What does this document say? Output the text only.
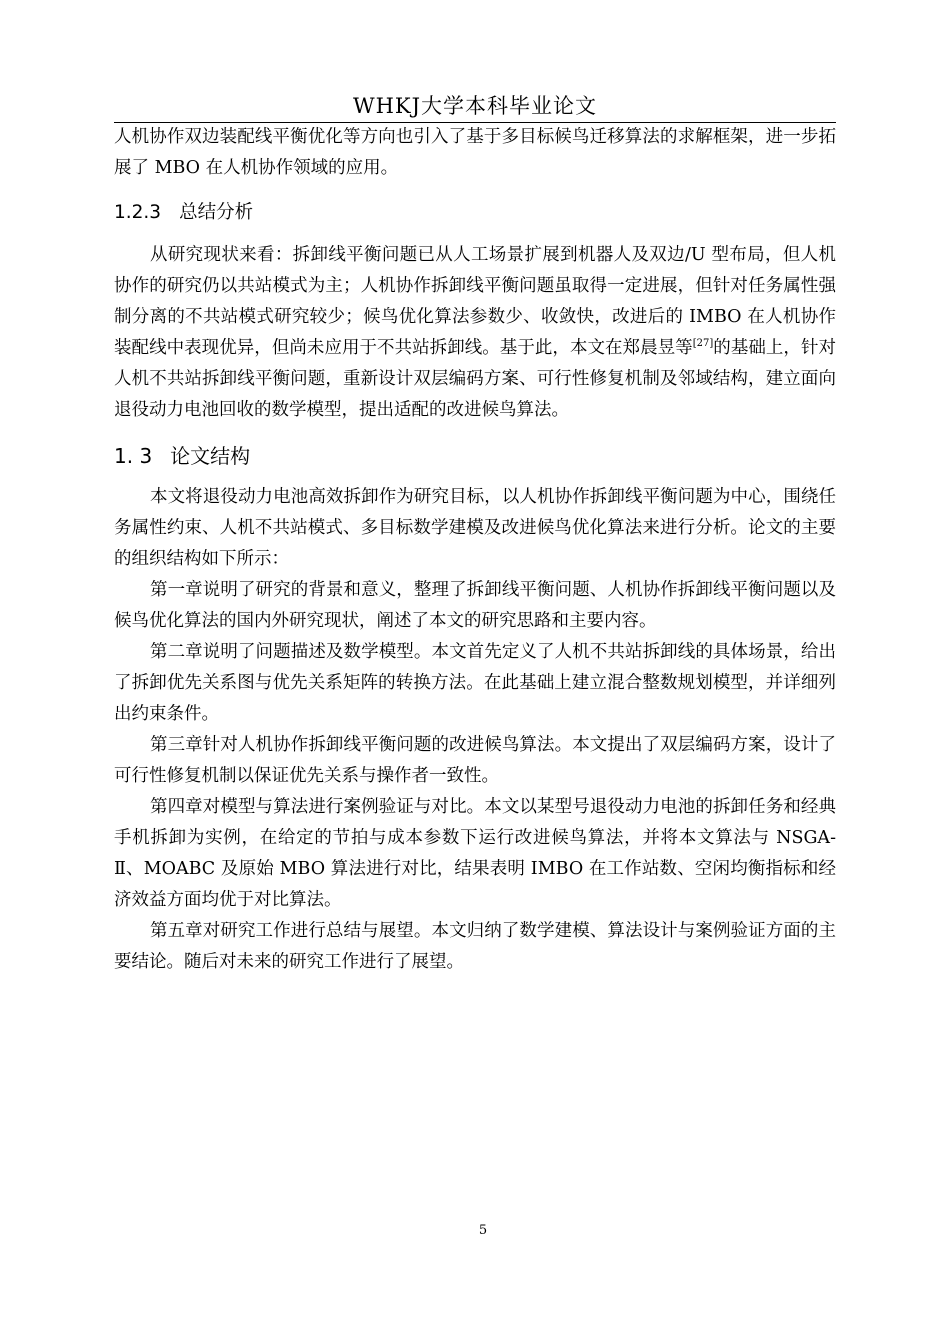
WHKJ大学本科毕业论文

人机协作双边装配线平衡优化等方向也引入了基于多目标候鸟迁移算法的求解框架，进一步拓展了 MBO 在人机协作领域的应用。

1.2.3 总结分析

从研究现状来看：拆卸线平衡问题已从人工场景扩展到机器人及双边/U 型布局，但人机协作的研究仍以共站模式为主；人机协作拆卸线平衡问题虽取得一定进展，但针对任务属性强制分离的不共站模式研究较少；候鸟优化算法参数少、收敛快，改进后的 IMBO 在人机协作装配线中表现优异，但尚未应用于不共站拆卸线。基于此，本文在郑晨昱等[27]的基础上，针对人机不共站拆卸线平衡问题，重新设计双层编码方案、可行性修复机制及邻域结构，建立面向退役动力电池回收的数学模型，提出适配的改进候鸟算法。

1. 3 论文结构

本文将退役动力电池高效拆卸作为研究目标，以人机协作拆卸线平衡问题为中心，围绕任务属性约束、人机不共站模式、多目标数学建模及改进候鸟优化算法来进行分析。论文的主要的组织结构如下所示：

第一章说明了研究的背景和意义，整理了拆卸线平衡问题、人机协作拆卸线平衡问题以及候鸟优化算法的国内外研究现状，阐述了本文的研究思路和主要内容。

第二章说明了问题描述及数学模型。本文首先定义了人机不共站拆卸线的具体场景，给出了拆卸优先关系图与优先关系矩阵的转换方法。在此基础上建立混合整数规划模型，并详细列出约束条件。

第三章针对人机协作拆卸线平衡问题的改进候鸟算法。本文提出了双层编码方案，设计了可行性修复机制以保证优先关系与操作者一致性。

第四章对模型与算法进行案例验证与对比。本文以某型号退役动力电池的拆卸任务和经典手机拆卸为实例，在给定的节拍与成本参数下运行改进候鸟算法，并将本文算法与 NSGA-Ⅱ、MOABC 及原始 MBO 算法进行对比，结果表明 IMBO 在工作站数、空闲均衡指标和经济效益方面均优于对比算法。

第五章对研究工作进行总结与展望。本文归纳了数学建模、算法设计与案例验证方面的主要结论。随后对未来的研究工作进行了展望。

5
